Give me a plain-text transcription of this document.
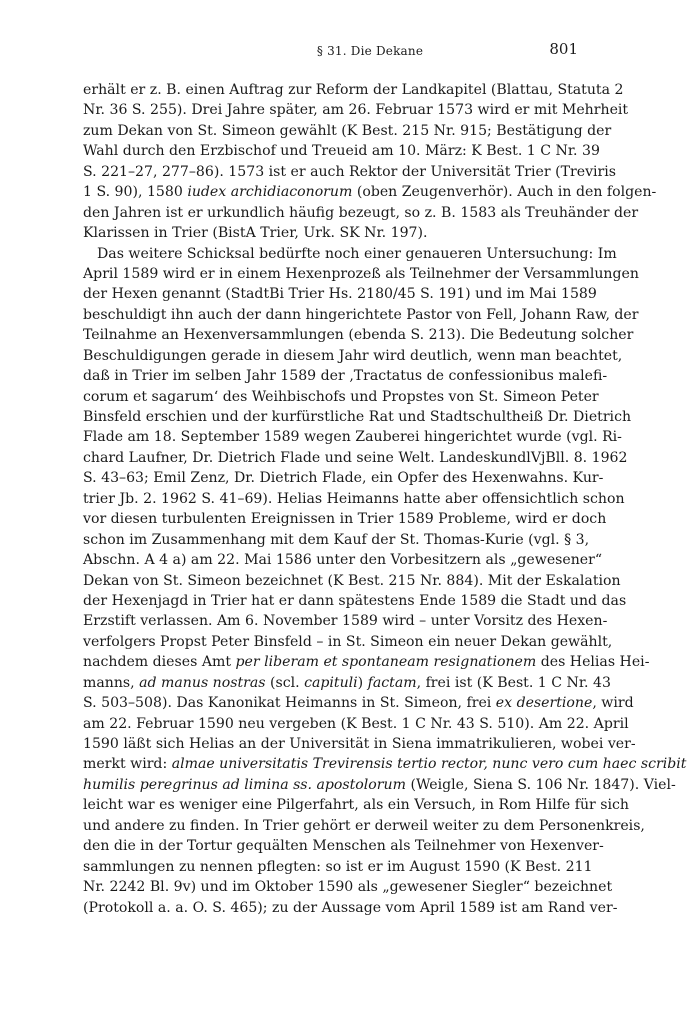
§ 31. Die Dekane	801
erhält er z. B. einen Auftrag zur Reform der Landkapitel (Blattau, Statuta 2
Nr. 36 S. 255). Drei Jahre später, am 26. Februar 1573 wird er mit Mehrheit
zum Dekan von St. Simeon gewählt (K Best. 215 Nr. 915; Bestätigung der
Wahl durch den Erzbischof und Treueid am 10. März: K Best. 1 C Nr. 39
S. 221–27, 277–86). 1573 ist er auch Rektor der Universität Trier (Treviris
1 S. 90), 1580 iudex archidiaconorum (oben Zeugenverhör). Auch in den folgen-
den Jahren ist er urkundlich häufig bezeugt, so z. B. 1583 als Treuhänder der
Klarissen in Trier (BistA Trier, Urk. SK Nr. 197).
Das weitere Schicksal bedürfte noch einer genaueren Untersuchung: Im
April 1589 wird er in einem Hexenprozeß als Teilnehmer der Versammlungen
der Hexen genannt (StadtBi Trier Hs. 2180/45 S. 191) und im Mai 1589
beschuldigt ihn auch der dann hingerichtete Pastor von Fell, Johann Raw, der
Teilnahme an Hexenversammlungen (ebenda S. 213). Die Bedeutung solcher
Beschuldigungen gerade in diesem Jahr wird deutlich, wenn man beachtet,
daß in Trier im selben Jahr 1589 der ‚Tractatus de confessionibus malefi-
corum et sagarum‘ des Weihbischofs und Propstes von St. Simeon Peter
Binsfeld erschien und der kurfürstliche Rat und Stadtschultheiß Dr. Dietrich
Flade am 18. September 1589 wegen Zauberei hingerichtet wurde (vgl. Ri-
chard Laufner, Dr. Dietrich Flade und seine Welt. LandeskundlVjBll. 8. 1962
S. 43–63; Emil Zenz, Dr. Dietrich Flade, ein Opfer des Hexenwahns. Kur-
trier Jb. 2. 1962 S. 41–69). Helias Heimanns hatte aber offensichtlich schon
vor diesen turbulenten Ereignissen in Trier 1589 Probleme, wird er doch
schon im Zusammenhang mit dem Kauf der St. Thomas-Kurie (vgl. § 3,
Abschn. A 4 a) am 22. Mai 1586 unter den Vorbesitzern als „gewesener“
Dekan von St. Simeon bezeichnet (K Best. 215 Nr. 884). Mit der Eskalation
der Hexenjagd in Trier hat er dann spätestens Ende 1589 die Stadt und das
Erzstift verlassen. Am 6. November 1589 wird – unter Vorsitz des Hexen-
verfolgers Propst Peter Binsfeld – in St. Simeon ein neuer Dekan gewählt,
nachdem dieses Amt per liberam et spontaneam resignationem des Helias Hei-
manns, ad manus nostras (scl. capituli) factam, frei ist (K Best. 1 C Nr. 43
S. 503–508). Das Kanonikat Heimanns in St. Simeon, frei ex desertione, wird
am 22. Februar 1590 neu vergeben (K Best. 1 C Nr. 43 S. 510). Am 22. April
1590 läßt sich Helias an der Universität in Siena immatrikulieren, wobei ver-
merkt wird: almae universitatis Trevirensis tertio rector, nunc vero cum haec scribit
humilis peregrinus ad limina ss. apostolorum (Weigle, Siena S. 106 Nr. 1847). Viel-
leicht war es weniger eine Pilgerfahrt, als ein Versuch, in Rom Hilfe für sich
und andere zu finden. In Trier gehört er derweil weiter zu dem Personenkreis,
den die in der Tortur gequälten Menschen als Teilnehmer von Hexenver-
sammlungen zu nennen pflegten: so ist er im August 1590 (K Best. 211
Nr. 2242 Bl. 9v) und im Oktober 1590 als „gewesener Siegler“ bezeichnet
(Protokoll a. a. O. S. 465); zu der Aussage vom April 1589 ist am Rand ver-
